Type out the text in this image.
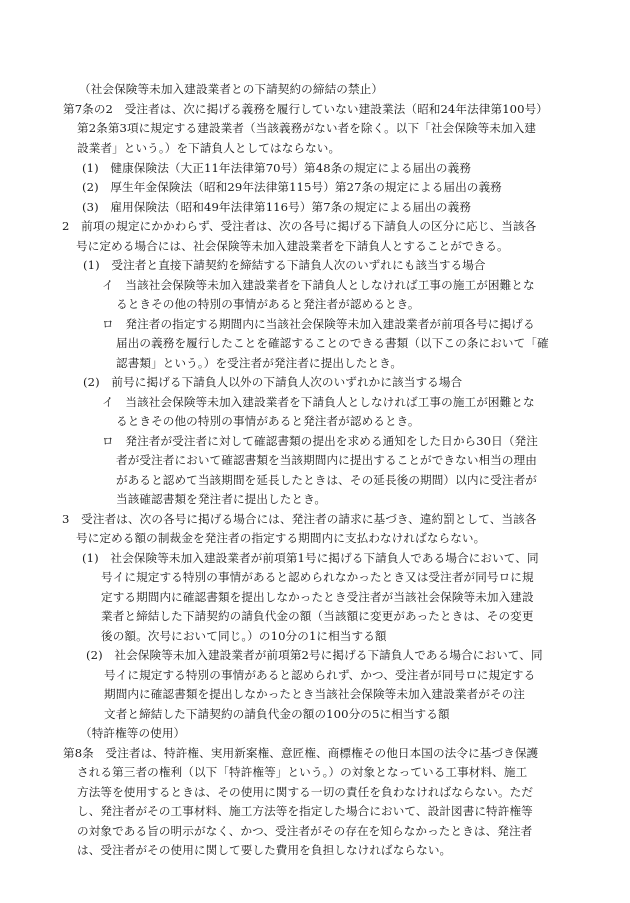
（社会保険等未加入建設業者との下請契約の締結の禁止）
第7条の2　受注者は、次に掲げる義務を履行していない建設業法（昭和24年法律第100号）
第2条第3項に規定する建設業者（当該義務がない者を除く。以下「社会保険等未加入建
設業者」という。）を下請負人としてはならない。
(1)　健康保険法（大正11年法律第70号）第48条の規定による届出の義務
(2)　厚生年金保険法（昭和29年法律第115号）第27条の規定による届出の義務
(3)　雇用保険法（昭和49年法律第116号）第7条の規定による届出の義務
2　前項の規定にかかわらず、受注者は、次の各号に掲げる下請負人の区分に応じ、当該各
号に定める場合には、社会保険等未加入建設業者を下請負人とすることができる。
(1)　受注者と直接下請契約を締結する下請負人次のいずれにも該当する場合
イ　当該社会保険等未加入建設業者を下請負人としなければ工事の施工が困難とな
るときその他の特別の事情があると発注者が認めるとき。
ロ　発注者の指定する期間内に当該社会保険等未加入建設業者が前項各号に掲げる
届出の義務を履行したことを確認することのできる書類（以下この条において「確
認書類」という。）を受注者が発注者に提出したとき。
(2)　前号に掲げる下請負人以外の下請負人次のいずれかに該当する場合
イ　当該社会保険等未加入建設業者を下請負人としなければ工事の施工が困難とな
るときその他の特別の事情があると発注者が認めるとき。
ロ　発注者が受注者に対して確認書類の提出を求める通知をした日から30日（発注
者が受注者において確認書類を当該期間内に提出することができない相当の理由
があると認めて当該期間を延長したときは、その延長後の期間）以内に受注者が
当該確認書類を発注者に提出したとき。
3　受注者は、次の各号に掲げる場合には、発注者の請求に基づき、違約罰として、当該各
号に定める額の制裁金を発注者の指定する期間内に支払わなければならない。
(1)　社会保険等未加入建設業者が前項第1号に掲げる下請負人である場合において、同
号イに規定する特別の事情があると認められなかったとき又は受注者が同号ロに規
定する期間内に確認書類を提出しなかったとき受注者が当該社会保険等未加入建設
業者と締結した下請契約の請負代金の額（当該額に変更があったときは、その変更
後の額。次号において同じ。）の10分の1に相当する額
(2)　社会保険等未加入建設業者が前項第2号に掲げる下請負人である場合において、同
号イに規定する特別の事情があると認められず、かつ、受注者が同号ロに規定する
期間内に確認書類を提出しなかったとき当該社会保険等未加入建設業者がその注
文者と締結した下請契約の請負代金の額の100分の5に相当する額
（特許権等の使用）
第8条　受注者は、特許権、実用新案権、意匠権、商標権その他日本国の法令に基づき保護
される第三者の権利（以下「特許権等」という。）の対象となっている工事材料、施工
方法等を使用するときは、その使用に関する一切の責任を負わなければならない。ただ
し、発注者がその工事材料、施工方法等を指定した場合において、設計図書に特許権等
の対象である旨の明示がなく、かつ、受注者がその存在を知らなかったときは、発注者
は、受注者がその使用に関して要した費用を負担しなければならない。
